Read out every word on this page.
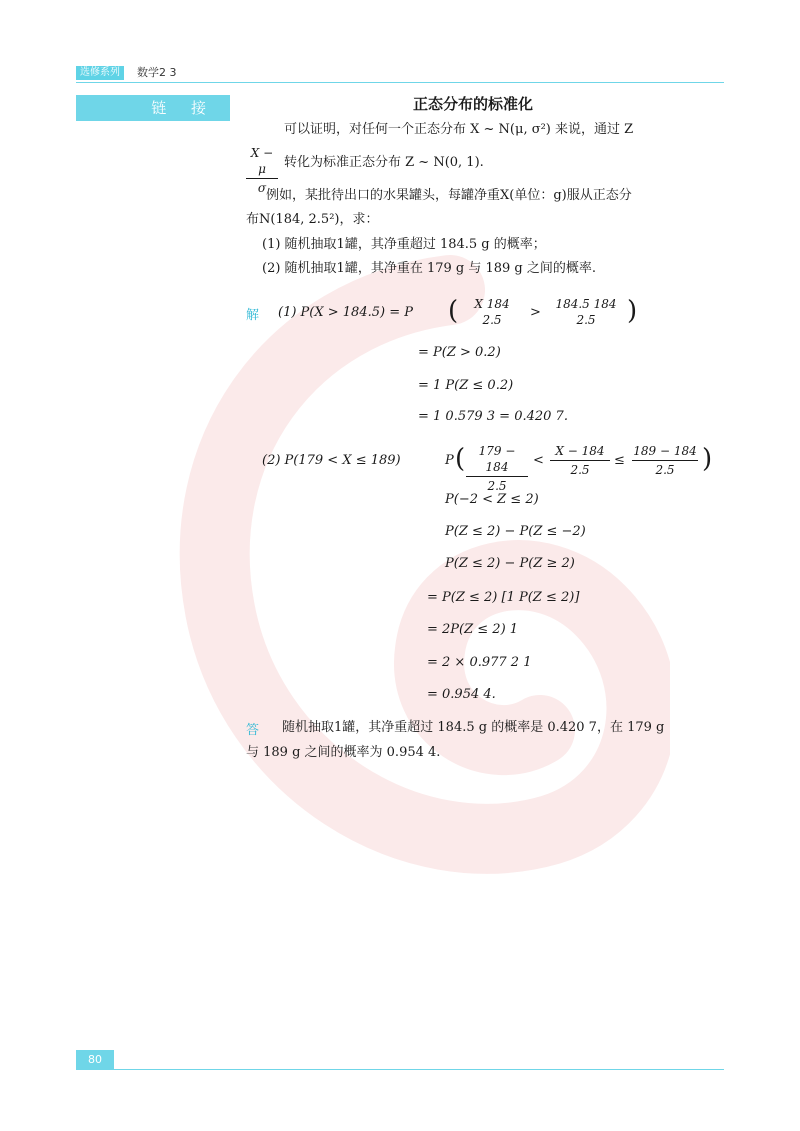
选修系列	数学2 3
链 接	正态分布的标准化
可以证明，对任何一个正态分布 X ~ N(μ, σ²) 来说，通过 Z
X − μ
σ
转化为标准正态分布 Z ~ N(0, 1).
例如，某批待出口的水果罐头，每罐净重X(单位：g)服从正态分
布N(184, 2.5²)，求：
(1) 随机抽取1罐，其净重超过 184.5 g 的概率；
(2) 随机抽取1罐，其净重在 179 g 与 189 g 之间的概率.
解 (1) P(X > 184.5) = P (	X 184
2.5	>
184.5 184
2.5	)
= P(Z > 0.2)
= 1 P(Z ≤ 0.2)
= 1 0.579 3 = 0.420 7.
(2) P(179 < X ≤ 189)	P (	179 − 184
2.5
<
X − 184
2.5
≤
189 − 184
2.5	)
P(−2 < Z ≤ 2)
P(Z ≤ 2) − P(Z ≤ −2)
P(Z ≤ 2) − P(Z ≥ 2)
= P(Z ≤ 2) [1 P(Z ≤ 2)]
= 2P(Z ≤ 2) 1
= 2 × 0.977 2 1
= 0.954 4.
答 随机抽取1罐，其净重超过 184.5 g 的概率是 0.420 7，在 179 g
与 189 g 之间的概率为 0.954 4.
80
